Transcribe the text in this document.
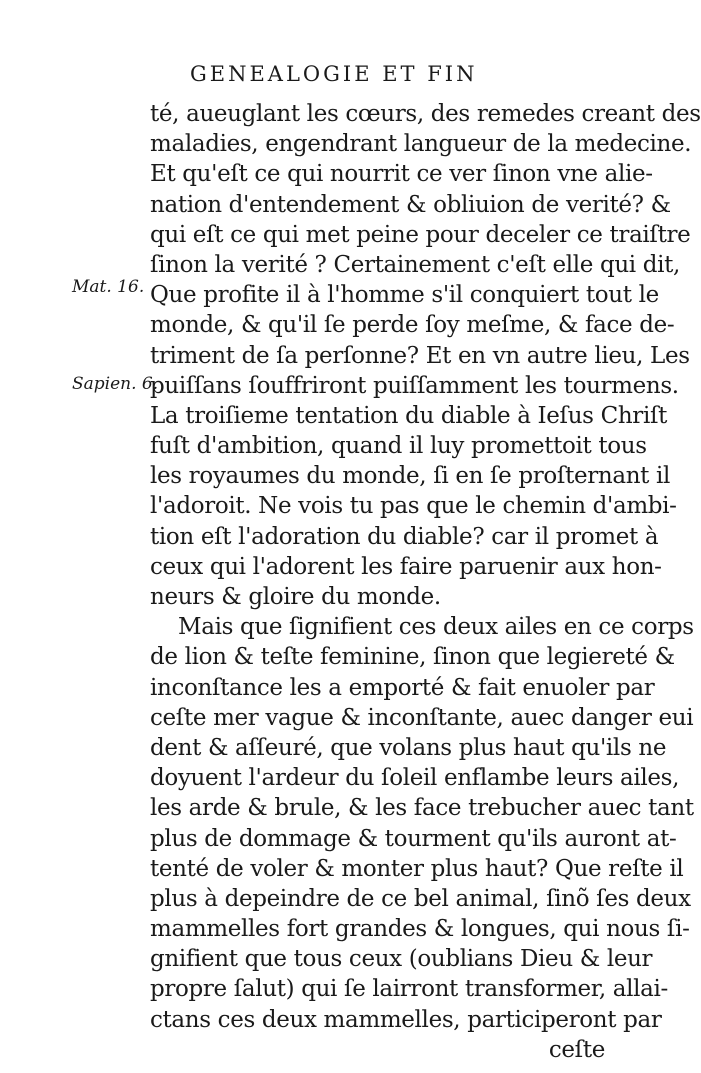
GENEALOGIE ET FIN
Mat. 16.
Sapien. 6.
té, aueuglant les cœurs, des remedes creant des
maladies, engendrant langueur de la medecine.
Et qu'eſt ce qui nourrit ce ver ſinon vne alie-
nation d'entendement & obliuion de verité? &
qui eſt ce qui met peine pour deceler ce traiſtre
ſinon la verité ? Certainement c'eſt elle qui dit,
Que profite il à l'homme s'il conquiert tout le
monde, & qu'il ſe perde ſoy meſme, & face de-
triment de ſa perſonne? Et en vn autre lieu, Les
puiſſans ſouffriront puiſſamment les tourmens.
La troiſieme tentation du diable à Ieſus Chriſt
fuſt d'ambition, quand il luy promettoit tous
les royaumes du monde, ſi en ſe proſternant il
l'adoroit. Ne vois tu pas que le chemin d'ambi-
tion eſt l'adoration du diable? car il promet à
ceux qui l'adorent les faire paruenir aux hon-
neurs & gloire du monde.
Mais que ſignifient ces deux ailes en ce corps
de lion & teſte feminine, ſinon que legiereté &
inconſtance les a emporté & fait enuoler par
ceſte mer vague & inconſtante, auec danger eui
dent & aſſeuré, que volans plus haut qu'ils ne
doyuent l'ardeur du ſoleil enflambe leurs ailes,
les arde & brule, & les face trebucher auec tant
plus de dommage & tourment qu'ils auront at-
tenté de voler & monter plus haut? Que reſte il
plus à depeindre de ce bel animal, ſinõ ſes deux
mammelles fort grandes & longues, qui nous ſi-
gnifient que tous ceux (oublians Dieu & leur
propre ſalut) qui ſe lairront transformer, allai-
ctans ces deux mammelles, participeront par
ceſte
